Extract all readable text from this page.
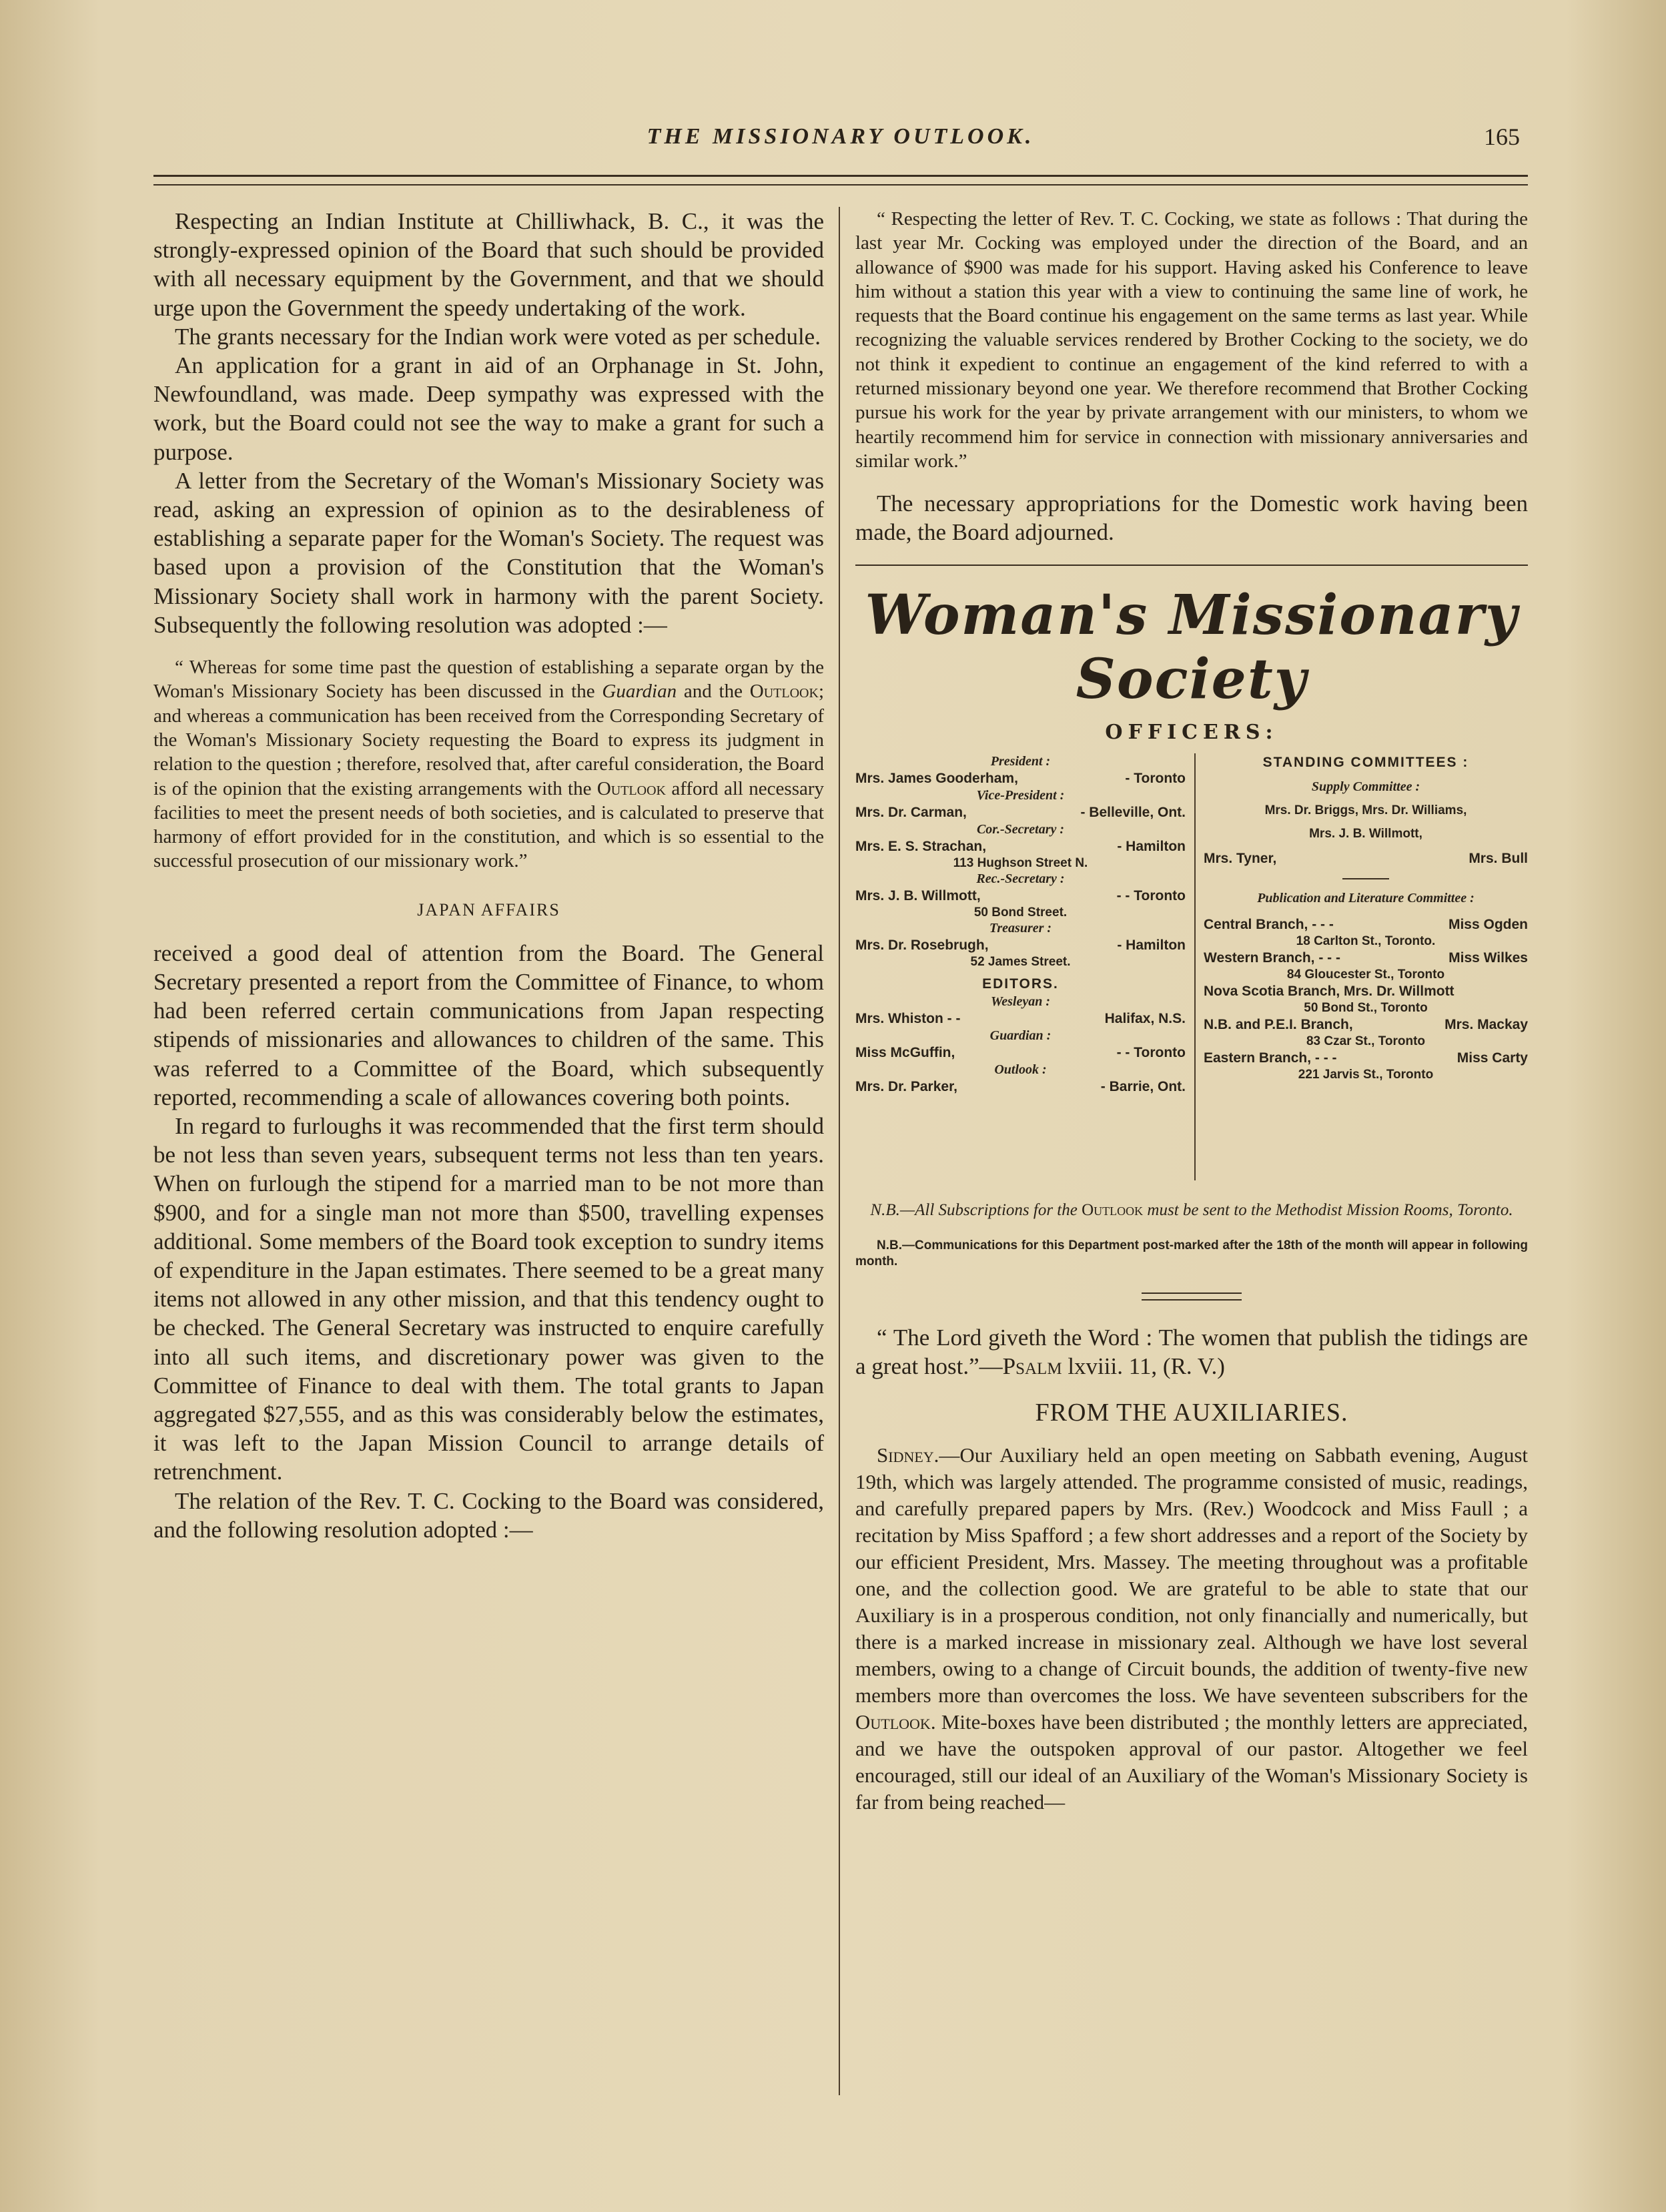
THE MISSIONARY OUTLOOK.	165

Respecting an Indian Institute at Chilliwhack, B. C., it was the strongly-expressed opinion of the Board that such should be provided with all necessary equipment by the Government, and that we should urge upon the Government the speedy undertaking of the work.

The grants necessary for the Indian work were voted as per schedule.

An application for a grant in aid of an Orphanage in St. John, Newfoundland, was made. Deep sympathy was expressed with the work, but the Board could not see the way to make a grant for such a purpose.

A letter from the Secretary of the Woman's Missionary Society was read, asking an expression of opinion as to the desirableness of establishing a separate paper for the Woman's Society. The request was based upon a provision of the Constitution that the Woman's Missionary Society shall work in harmony with the parent Society. Subsequently the following resolution was adopted :—

“ Whereas for some time past the question of establishing a separate organ by the Woman's Missionary Society has been discussed in the Guardian and the Outlook; and whereas a communication has been received from the Corresponding Secretary of the Woman's Missionary Society requesting the Board to express its judgment in relation to the question ; therefore, resolved that, after careful consideration, the Board is of the opinion that the existing arrangements with the Outlook afford all necessary facilities to meet the present needs of both societies, and is calculated to preserve that harmony of effort provided for in the constitution, and which is so essential to the successful prosecution of our missionary work.”

JAPAN AFFAIRS

received a good deal of attention from the Board. The General Secretary presented a report from the Committee of Finance, to whom had been referred certain communications from Japan respecting stipends of missionaries and allowances to children of the same. This was referred to a Committee of the Board, which subsequently reported, recommending a scale of allowances covering both points.

In regard to furloughs it was recommended that the first term should be not less than seven years, subsequent terms not less than ten years. When on furlough the stipend for a married man to be not more than $900, and for a single man not more than $500, travelling expenses additional. Some members of the Board took exception to sundry items of expenditure in the Japan estimates. There seemed to be a great many items not allowed in any other mission, and that this tendency ought to be checked. The General Secretary was instructed to enquire carefully into all such items, and discretionary power was given to the Committee of Finance to deal with them. The total grants to Japan aggregated $27,555, and as this was considerably below the estimates, it was left to the Japan Mission Council to arrange details of retrenchment.

The relation of the Rev. T. C. Cocking to the Board was considered, and the following resolution adopted :—

“ Respecting the letter of Rev. T. C. Cocking, we state as follows : That during the last year Mr. Cocking was employed under the direction of the Board, and an allowance of $900 was made for his support. Having asked his Conference to leave him without a station this year with a view to continuing the same line of work, he requests that the Board continue his engagement on the same terms as last year. While recognizing the valuable services rendered by Brother Cocking to the society, we do not think it expedient to continue an engagement of the kind referred to with a returned missionary beyond one year. We therefore recommend that Brother Cocking pursue his work for the year by private arrangement with our ministers, to whom we heartily recommend him for service in connection with missionary anniversaries and similar work.”

The necessary appropriations for the Domestic work having been made, the Board adjourned.

Woman's Missionary Society
OFFICERS:
President :
Mrs. James Gooderham,	- Toronto
Vice-President :
Mrs. Dr. Carman,	- Belleville, Ont.
Cor.-Secretary :
Mrs. E. S. Strachan,	- Hamilton
113 Hughson Street N.
Rec.-Secretary :
Mrs. J. B. Willmott,	- - Toronto
50 Bond Street.
Treasurer :
Mrs. Dr. Rosebrugh,	- Hamilton
52 James Street.
EDITORS.
Wesleyan :
Mrs. Whiston - -	Halifax, N.S.
Guardian :
Miss McGuffin,	- - Toronto
Outlook :
Mrs. Dr. Parker,	- Barrie, Ont.
STANDING COMMITTEES :
Supply Committee :
Mrs. Dr. Briggs, Mrs. Dr. Williams,
Mrs. J. B. Willmott,
Mrs. Tyner,	Mrs. Bull
Publication and Literature Committee :
Central Branch, - - -	Miss Ogden
18 Carlton St., Toronto.
Western Branch, - - -	Miss Wilkes
84 Gloucester St., Toronto
Nova Scotia Branch, Mrs. Dr. Willmott
50 Bond St., Toronto
N.B. and P.E.I. Branch,	Mrs. Mackay
83 Czar St., Toronto
Eastern Branch, - - -	Miss Carty
221 Jarvis St., Toronto
N.B.—All Subscriptions for the Outlook must be sent to the Methodist Mission Rooms, Toronto.

N.B.—Communications for this Department post-marked after the 18th of the month will appear in following month.

“ The Lord giveth the Word : The women that publish the tidings are a great host.”—Psalm lxviii. 11, (R. V.)

FROM THE AUXILIARIES.

Sidney.—Our Auxiliary held an open meeting on Sabbath evening, August 19th, which was largely attended. The programme consisted of music, readings, and carefully prepared papers by Mrs. (Rev.) Woodcock and Miss Faull ; a recitation by Miss Spafford ; a few short addresses and a report of the Society by our efficient President, Mrs. Massey. The meeting throughout was a profitable one, and the collection good. We are grateful to be able to state that our Auxiliary is in a prosperous condition, not only financially and numerically, but there is a marked increase in missionary zeal. Although we have lost several members, owing to a change of Circuit bounds, the addition of twenty-five new members more than overcomes the loss. We have seventeen subscribers for the Outlook. Mite-boxes have been distributed ; the monthly letters are appreciated, and we have the outspoken approval of our pastor. Altogether we feel encouraged, still our ideal of an Auxiliary of the Woman's Missionary Society is far from being reached—
